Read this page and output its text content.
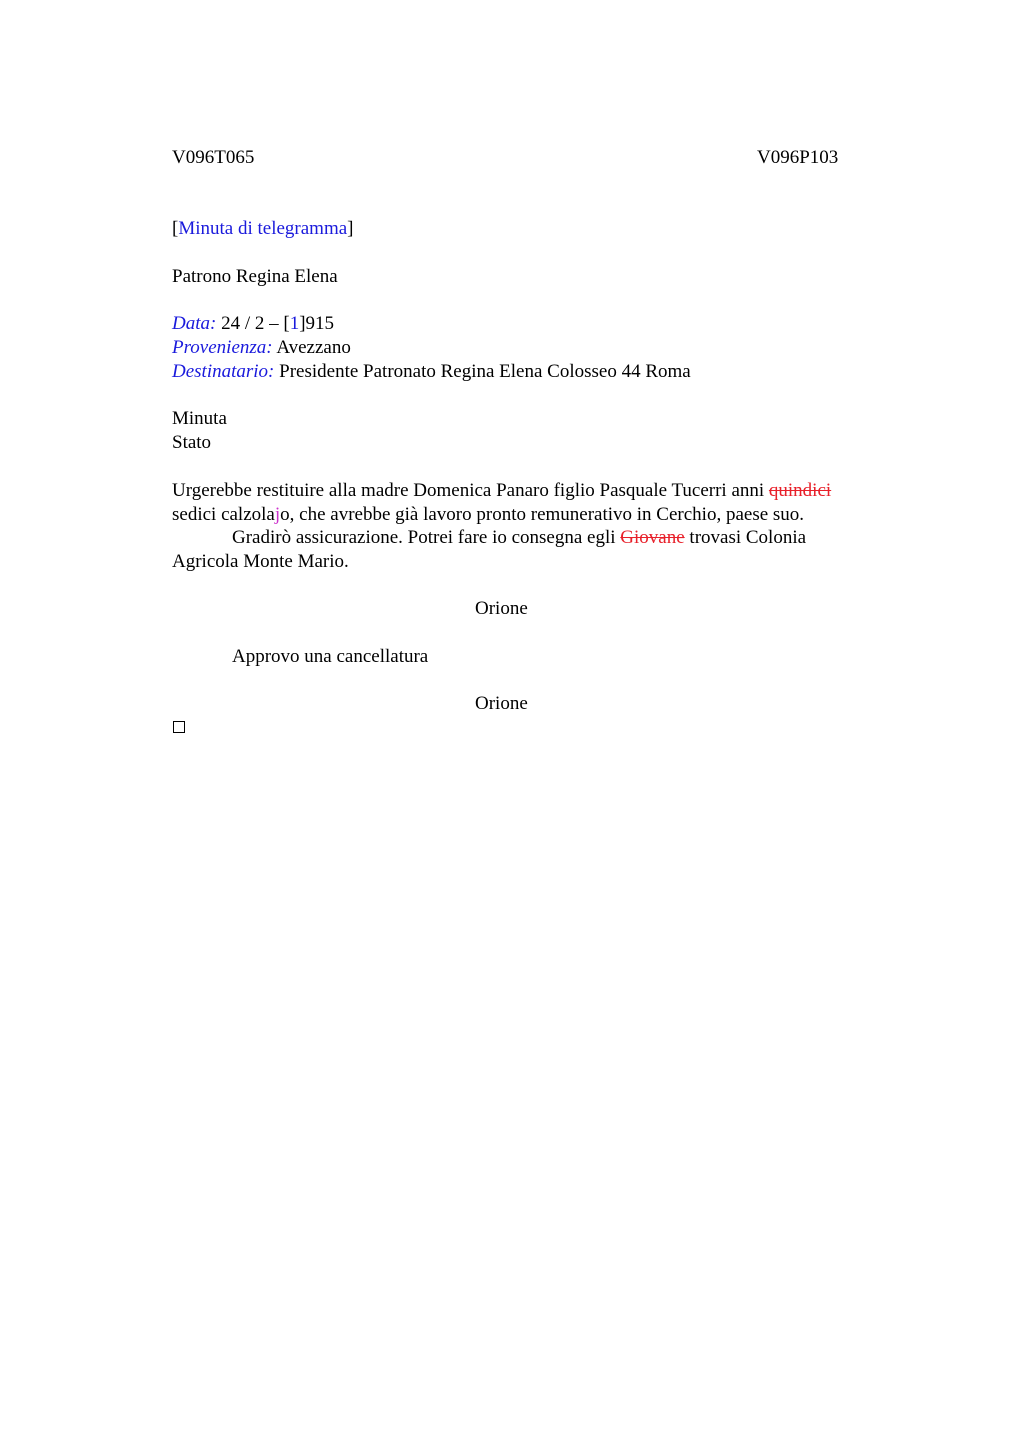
V096T065	V096P103
[Minuta di telegramma]
Patrono Regina Elena
Data: 24 / 2 – [1]915
Provenienza: Avezzano
Destinatario: Presidente Patronato Regina Elena Colosseo 44 Roma
Minuta
Stato
Urgerebbe restituire alla madre Domenica Panaro figlio Pasquale Tucerri anni quindici
sedici calzolajo, che avrebbe già lavoro pronto remunerativo in Cerchio, paese suo.
Gradirò assicurazione. Potrei fare io consegna egli Giovane trovasi Colonia
Agricola Monte Mario.
Orione
Approvo una cancellatura
Orione
